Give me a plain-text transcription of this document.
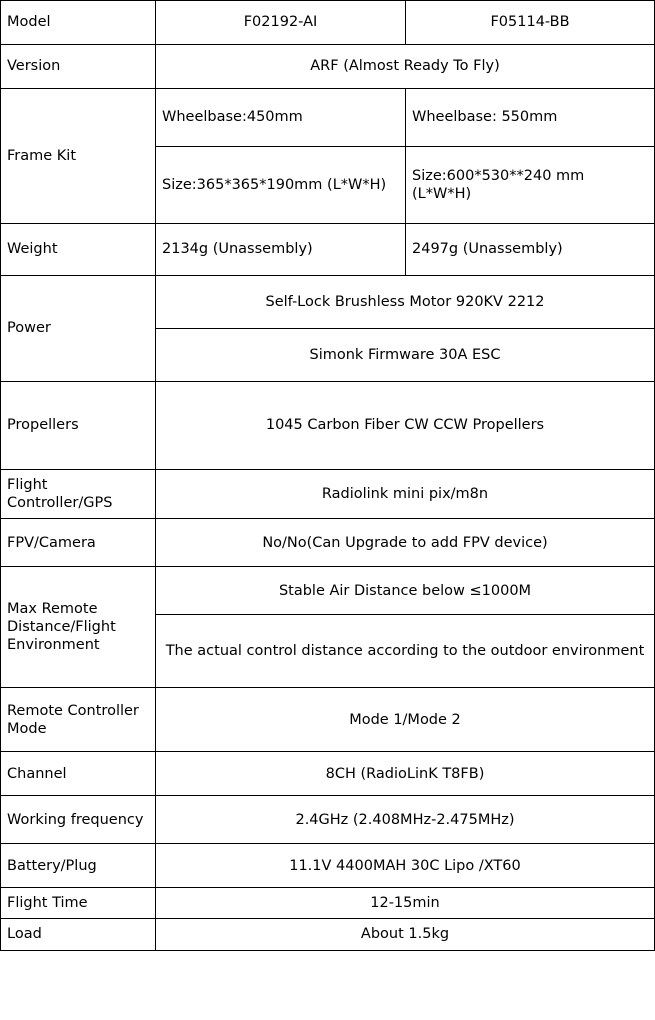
Model	F02192-AI	F05114-BB
Version	ARF (Almost Ready To Fly)	
Frame Kit	Wheelbase:450mm	Wheelbase: 550mm
	Size:365*365*190mm (L*W*H)	Size:600*530**240 mm (L*W*H)
Weight	2134g (Unassembly)	2497g (Unassembly)
Power	Self-Lock Brushless Motor 920KV 2212	
	Simonk Firmware 30A ESC	
Propellers	1045 Carbon Fiber CW CCW Propellers	
Flight Controller/GPS	Radiolink mini pix/m8n	
FPV/Camera	No/No(Can Upgrade to add FPV device)	
Max Remote Distance/Flight Environment	Stable Air Distance below ≤1000M	
	The actual control distance according to the outdoor environment	
Remote Controller Mode	Mode 1/Mode 2	
Channel	8CH (RadioLinK T8FB)	
Working frequency	2.4GHz (2.408MHz-2.475MHz)	
Battery/Plug	11.1V 4400MAH 30C Lipo /XT60	
Flight Time	12-15min	
Load	About 1.5kg	
